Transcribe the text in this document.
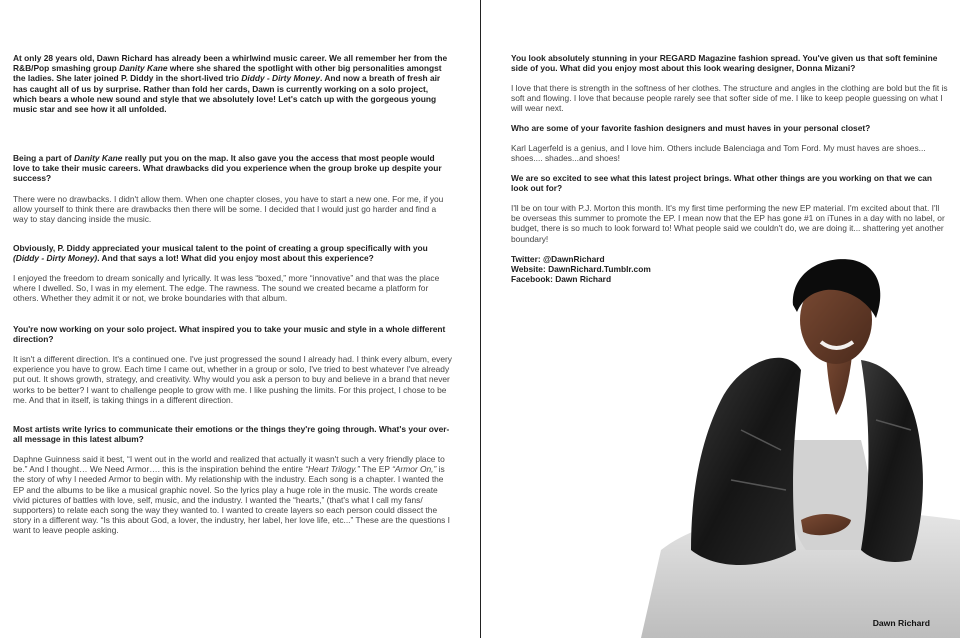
At only 28 years old, Dawn Richard has already been a whirlwind music career. We all remember her from the R&B/Pop smashing group Danity Kane where she shared the spotlight with other big personalities amongst the ladies. She later joined P. Diddy in the short-lived trio Diddy - Dirty Money. And now a breath of fresh air has caught all of us by surprise. Rather than fold her cards, Dawn is currently working on a solo project, which bears a whole new sound and style that we absolutely love! Let's catch up with the gorgeous young music star and see how it all unfolded.

Being a part of Danity Kane really put you on the map. It also gave you the access that most people would love to take their music careers. What drawbacks did you experience when the group broke up despite your success?

There were no drawbacks. I didn't allow them. When one chapter closes, you have to start a new one. For me, if you allow yourself to think there are drawbacks then there will be some. I decided that I would just go harder and find a way to stay dancing inside the music.

Obviously, P. Diddy appreciated your musical talent to the point of creating a group specifically with you (Diddy - Dirty Money). And that says a lot! What did you enjoy most about this experience?

I enjoyed the freedom to dream sonically and lyrically. It was less “boxed,” more “innovative” and that was the place where I dwelled. So, I was in my element. The edge. The rawness. The sound we created became a platform for others. Whether they admit it or not, we broke boundaries with that album.

You're now working on your solo project. What inspired you to take your music and style in a whole different direction?

It isn't a different direction. It's a continued one. I've just progressed the sound I already had. I think every album, every experience you have to grow. Each time I came out, whether in a group or solo, I've tried to best whatever I've already put out. It shows growth, strategy, and creativity. Why would you ask a person to buy and believe in a brand that never works to be better? I want to challenge people to grow with me. I like pushing the limits. For this project, I chose to be me. And that in itself, is taking things in a different direction.

Most artists write lyrics to communicate their emotions or the things they're going through. What's your over-all message in this latest album?

Daphne Guinness said it best, “I went out in the world and realized that actually it wasn't such a very friendly place to be.” And I thought… We Need Armor…. this is the inspiration behind the entire “Heart Trilogy.” The EP “Armor On,” is the story of why I needed Armor to begin with. My relationship with the industry. Each song is a chapter. I wanted the EP and the albums to be like a musical graphic novel. So the lyrics play a huge role in the music. The words create vivid pictures of battles with love, self, music, and the industry. I wanted the “hearts,” (that's what I call my fans/ supporters) to relate each song the way they wanted to. I wanted to create layers so each person could dissect the story in a different way. “Is this about God, a lover, the industry, her label, her love life, etc...” These are the questions I want to leave people asking.

You look absolutely stunning in your REGARD Magazine fashion spread. You've given us that soft feminine side of you. What did you enjoy most about this look wearing designer, Donna Mizani?

I love that there is strength in the softness of her clothes. The structure and angles in the clothing are bold but the fit is soft and flowing. I love that because people rarely see that softer side of me. I like to keep people guessing on what I will wear next.

Who are some of your favorite fashion designers and must haves in your personal closet?

Karl Lagerfeld is a genius, and I love him. Others include Balenciaga and Tom Ford. My must haves are shoes... shoes.... shades...and shoes!

We are so excited to see what this latest project brings. What other things are you working on that we can look out for?

I'll be on tour with P.J. Morton this month. It's my first time performing the new EP material. I'm excited about that. I'll be overseas this summer to promote the EP. I mean now that the EP has gone #1 on iTunes in a day with no label, or budget, there is so much to look forward to! What people said we couldn't do, we are doing it... shattering yet another boundary!

Twitter: @DawnRichard

Website: DawnRichard.Tumblr.com

Facebook: Dawn Richard

Dawn Richard
